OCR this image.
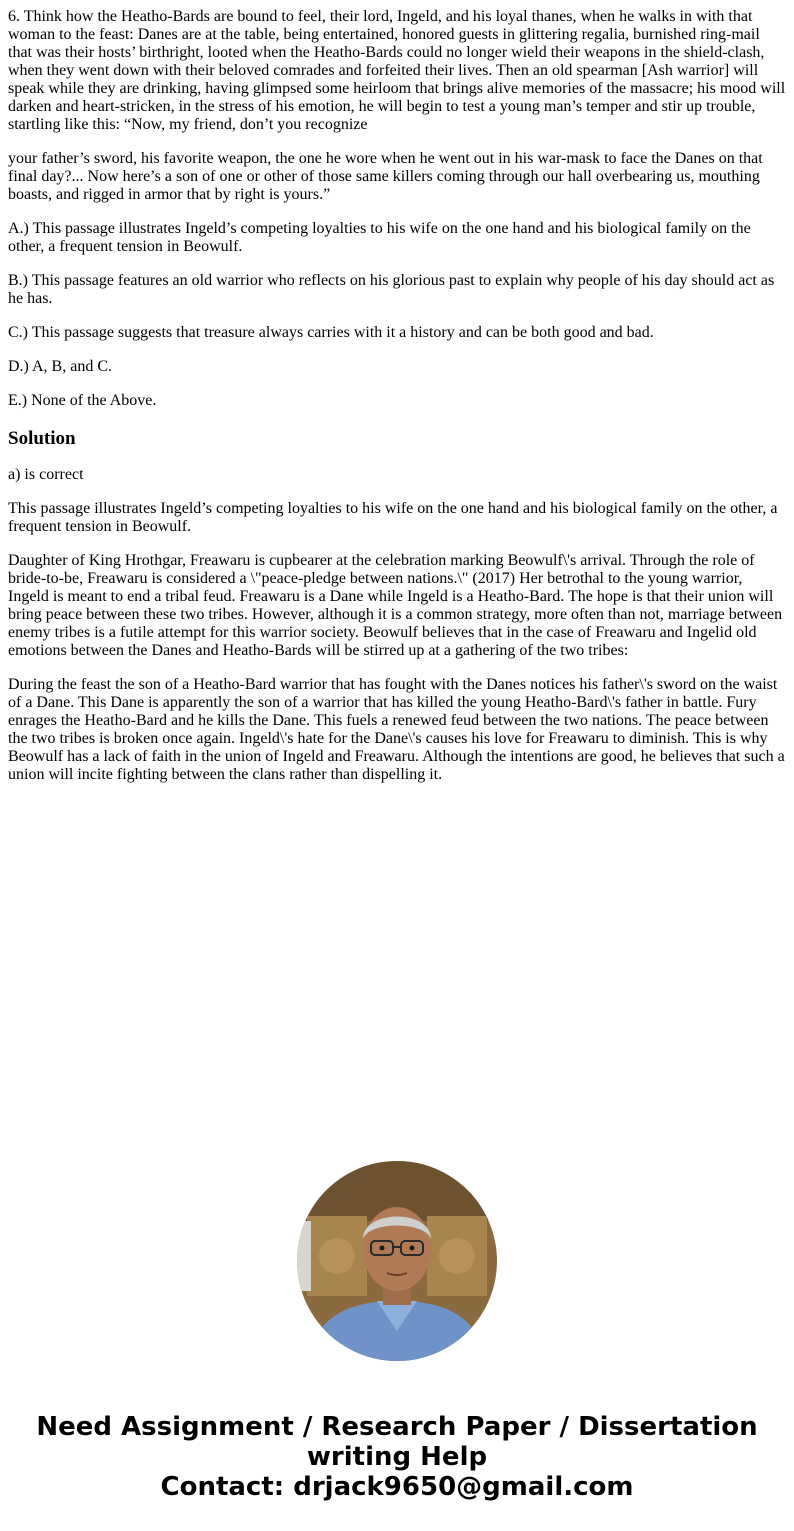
6. Think how the Heatho-Bards are bound to feel, their lord, Ingeld, and his loyal thanes, when he walks in with that woman to the feast: Danes are at the table, being entertained, honored guests in glittering regalia, burnished ring-mail that was their hosts’ birthright, looted when the Heatho-Bards could no longer wield their weapons in the shield-clash, when they went down with their beloved comrades and forfeited their lives. Then an old spearman [Ash warrior] will speak while they are drinking, having glimpsed some heirloom that brings alive memories of the massacre; his mood will darken and heart-stricken, in the stress of his emotion, he will begin to test a young man’s temper and stir up trouble, startling like this: “Now, my friend, don’t you recognize

your father’s sword, his favorite weapon, the one he wore when he went out in his war-mask to face the Danes on that final day?... Now here’s a son of one or other of those same killers coming through our hall overbearing us, mouthing boasts, and rigged in armor that by right is yours.”

A.) This passage illustrates Ingeld’s competing loyalties to his wife on the one hand and his biological family on the other, a frequent tension in Beowulf.

B.) This passage features an old warrior who reflects on his glorious past to explain why people of his day should act as he has.

C.) This passage suggests that treasure always carries with it a history and can be both good and bad.

D.) A, B, and C.

E.) None of the Above.

Solution

a) is correct

This passage illustrates Ingeld’s competing loyalties to his wife on the one hand and his biological family on the other, a frequent tension in Beowulf.

Daughter of King Hrothgar, Freawaru is cupbearer at the celebration marking Beowulf\'s arrival. Through the role of bride-to-be, Freawaru is considered a \"peace-pledge between nations.\" (2017) Her betrothal to the young warrior, Ingeld is meant to end a tribal feud. Freawaru is a Dane while Ingeld is a Heatho-Bard. The hope is that their union will bring peace between these two tribes. However, although it is a common strategy, more often than not, marriage between enemy tribes is a futile attempt for this warrior society. Beowulf believes that in the case of Freawaru and Ingelid old emotions between the Danes and Heatho-Bards will be stirred up at a gathering of the two tribes:

During the feast the son of a Heatho-Bard warrior that has fought with the Danes notices his father\'s sword on the waist of a Dane. This Dane is apparently the son of a warrior that has killed the young Heatho-Bard\'s father in battle. Fury enrages the Heatho-Bard and he kills the Dane. This fuels a renewed feud between the two nations. The peace between the two tribes is broken once again. Ingeld\'s hate for the Dane\'s causes his love for Freawaru to diminish. This is why Beowulf has a lack of faith in the union of Ingeld and Freawaru. Although the intentions are good, he believes that such a union will incite fighting between the clans rather than dispelling it.

Need Assignment / Research Paper / Dissertation
writing Help
Contact: drjack9650@gmail.com
